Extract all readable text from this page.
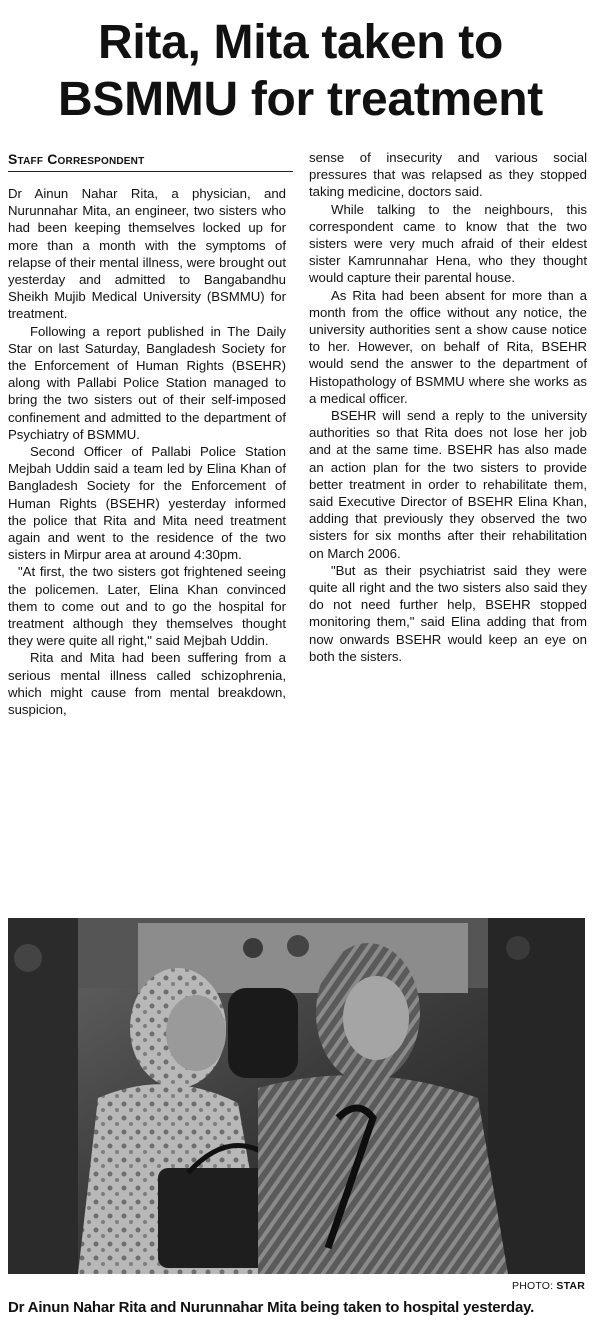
Rita, Mita taken to
BSMMU for treatment
Staff Correspondent

Dr Ainun Nahar Rita, a physician, and Nurunnahar Mita, an engineer, two sisters who had been keeping themselves locked up for more than a month with the symptoms of relapse of their mental illness, were brought out yesterday and admitted to Bangabandhu Sheikh Mujib Medical University (BSMMU) for treatment.

Following a report published in The Daily Star on last Saturday, Bangladesh Society for the Enforcement of Human Rights (BSEHR) along with Pallabi Police Station managed to bring the two sisters out of their self-imposed confinement and admitted to the department of Psychiatry of BSMMU.

Second Officer of Pallabi Police Station Mejbah Uddin said a team led by Elina Khan of Bangladesh Society for the Enforcement of Human Rights (BSEHR) yesterday informed the police that Rita and Mita need treatment again and went to the residence of the two sisters in Mirpur area at around 4:30pm.

"At first, the two sisters got frightened seeing the policemen. Later, Elina Khan convinced them to come out and to go the hospital for treatment although they themselves thought they were quite all right," said Mejbah Uddin.

Rita and Mita had been suffering from a serious mental illness called schizophrenia, which might cause from mental breakdown, suspicion,

sense of insecurity and various social pressures that was relapsed as they stopped taking medicine, doctors said.

While talking to the neighbours, this correspondent came to know that the two sisters were very much afraid of their eldest sister Kamrunnahar Hena, who they thought would capture their parental house.

As Rita had been absent for more than a month from the office without any notice, the university authorities sent a show cause notice to her. However, on behalf of Rita, BSEHR would send the answer to the department of Histopathology of BSMMU where she works as a medical officer.

BSEHR will send a reply to the university authorities so that Rita does not lose her job and at the same time. BSEHR has also made an action plan for the two sisters to provide better treatment in order to rehabilitate them, said Executive Director of BSEHR Elina Khan, adding that previously they observed the two sisters for six months after their rehabilitation on March 2006.

"But as their psychiatrist said they were quite all right and the two sisters also said they do not need further help, BSEHR stopped monitoring them," said Elina adding that from now onwards BSEHR would keep an eye on both the sisters.

PHOTO: STAR
Dr Ainun Nahar Rita and Nurunnahar Mita being taken to hospital yesterday.
